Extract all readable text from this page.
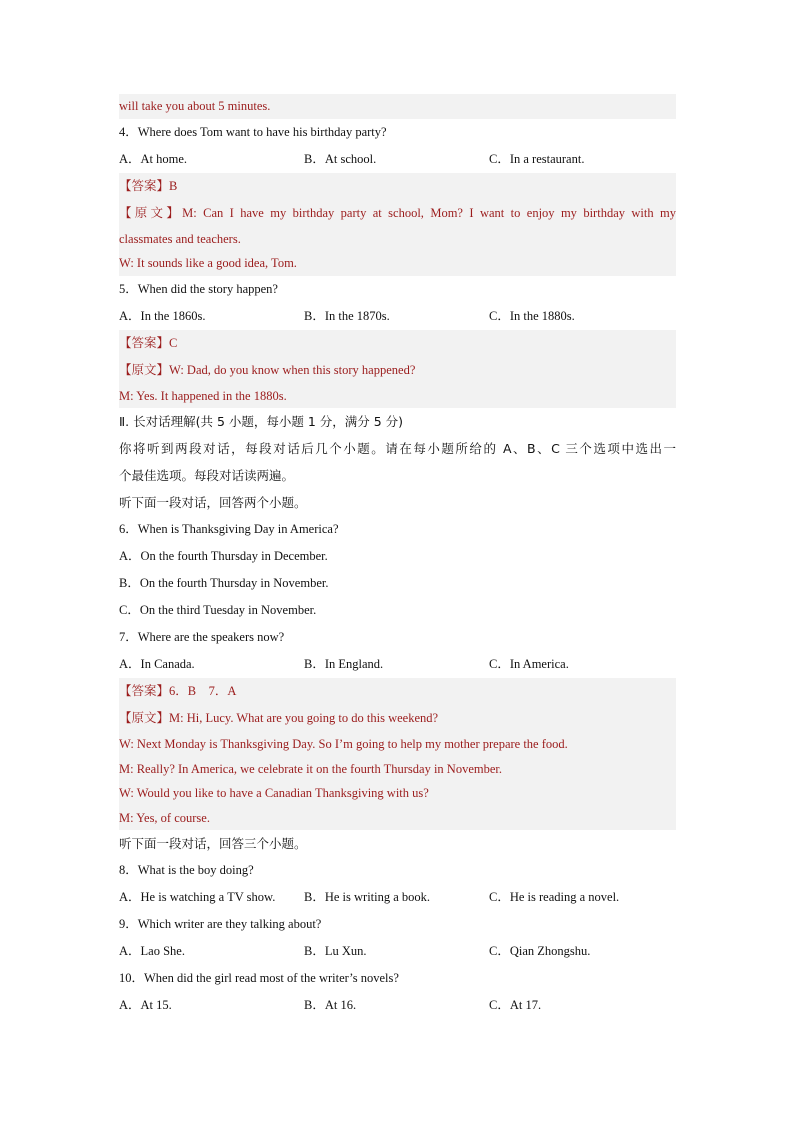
will take you about 5 minutes.
4．Where does Tom want to have his birthday party?
A．At home.	B．At school.	C．In a restaurant.
【答案】B
【原文】M: Can I have my birthday party at school, Mom? I want to enjoy my birthday with my
classmates and teachers.
W: It sounds like a good idea, Tom.
5．When did the story happen?
A．In the 1860s.	B．In the 1870s.	C．In the 1880s.
【答案】C
【原文】W: Dad, do you know when this story happened?
M: Yes. It happened in the 1880s.
Ⅱ. 长对话理解(共 5 小题，每小题 1 分，满分 5 分)
你将听到两段对话，每段对话后几个小题。请在每小题所给的 A、B、C 三个选项中选出一
个最佳选项。每段对话读两遍。
听下面一段对话，回答两个小题。
6．When is Thanksgiving Day in America?
A．On the fourth Thursday in December.
B．On the fourth Thursday in November.
C．On the third Tuesday in November.
7．Where are the speakers now?
A．In Canada.	B．In England.	C．In America.
【答案】6．B　7．A
【原文】M: Hi, Lucy. What are you going to do this weekend?
W: Next Monday is Thanksgiving Day. So I’m going to help my mother prepare the food.
M: Really? In America, we celebrate it on the fourth Thursday in November.
W: Would you like to have a Canadian Thanksgiving with us?
M: Yes, of course.
听下面一段对话，回答三个小题。
8．What is the boy doing?
A．He is watching a TV show.	B．He is writing a book.	C．He is reading a novel.
9．Which writer are they talking about?
A．Lao She.	B．Lu Xun.	C．Qian Zhongshu.
10．When did the girl read most of the writer’s novels?
A．At 15.	B．At 16.	C．At 17.
